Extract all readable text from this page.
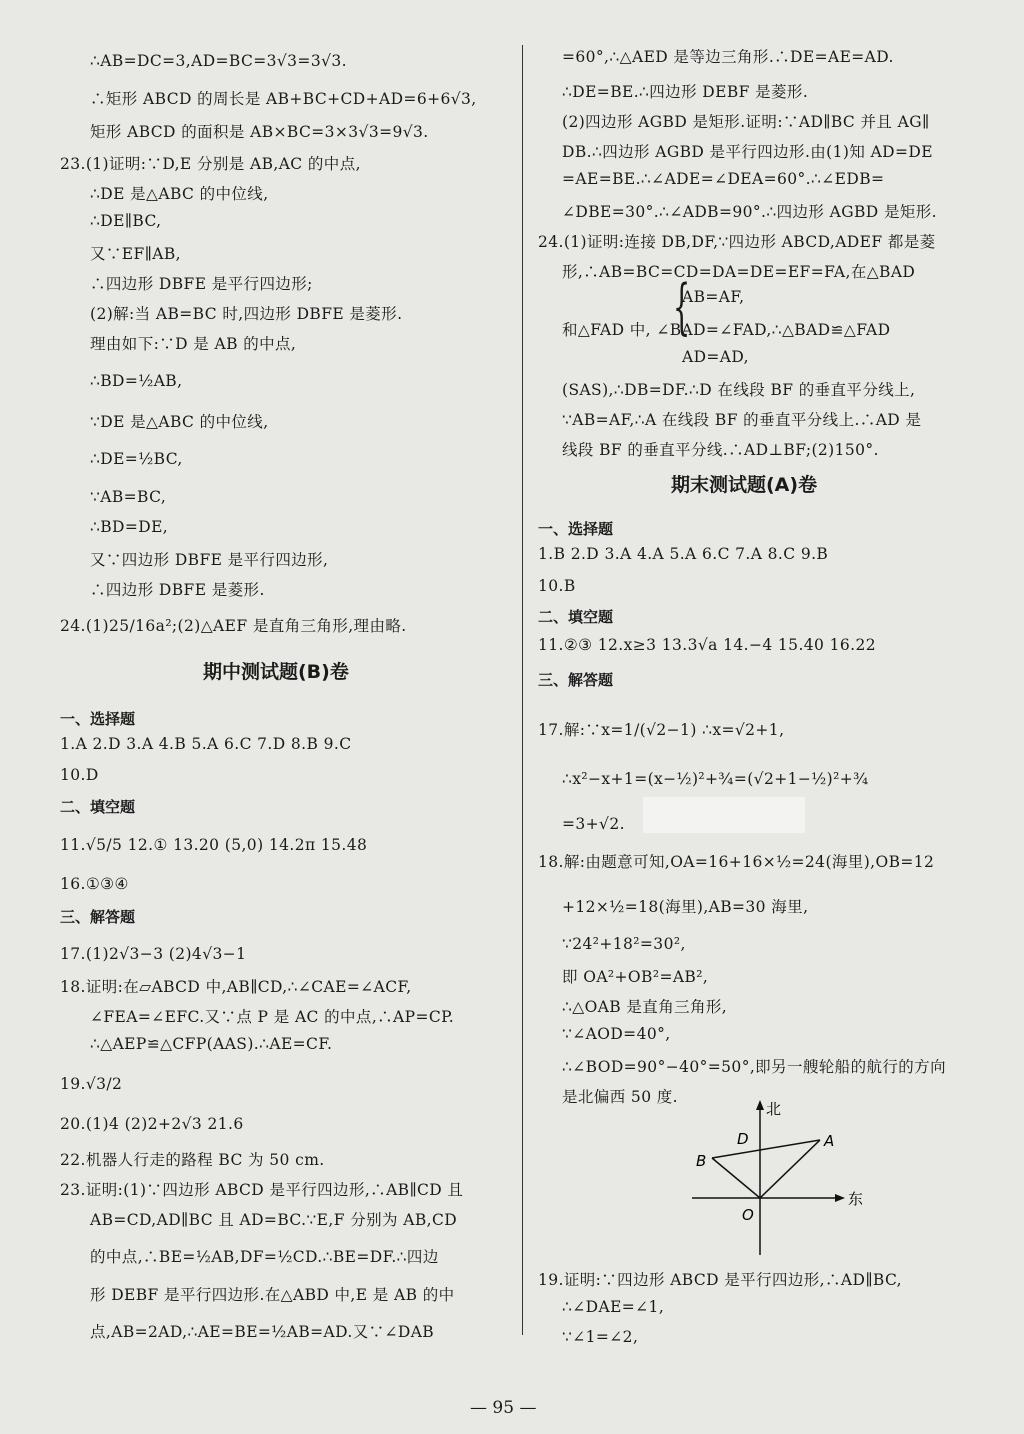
期中测试题(B)卷
一、选择题
1.A 2.D 3.A 4.B 5.A 6.C 7.D 8.B 9.C
10.D
二、填空题
11.√5/5 12.① 13.20 (5,0) 14.2π 15.48
16.①③④
三、解答题
∴AB=DC=3,AD=BC=3√3=3√3.
∴矩形 ABCD 的周长是 AB+BC+CD+AD=6+6√3,
矩形 ABCD 的面积是 AB×BC=3×3√3=9√3.
23.(1)证明:∵D,E 分别是 AB,AC 的中点,
∴DE 是△ABC 的中位线,
∴DE∥BC,
又∵EF∥AB,
∴四边形 DBFE 是平行四边形;
(2)解:当 AB=BC 时,四边形 DBFE 是菱形.
理由如下:∵D 是 AB 的中点,
∴BD=½AB,
∵DE 是△ABC 的中位线,
∴DE=½BC,
∵AB=BC,
∴BD=DE,
又∵四边形 DBFE 是平行四边形,
∴四边形 DBFE 是菱形.
24.(1)25/16a²;(2)△AEF 是直角三角形,理由略.
17.(1)2√3−3 (2)4√3−1
18.证明:在▱ABCD 中,AB∥CD,∴∠CAE=∠ACF,
∠FEA=∠EFC.又∵点 P 是 AC 的中点,∴AP=CP.
∴△AEP≌△CFP(AAS).∴AE=CF.
19.√3/2
20.(1)4 (2)2+2√3 21.6
22.机器人行走的路程 BC 为 50 cm.
23.证明:(1)∵四边形 ABCD 是平行四边形,∴AB∥CD 且
AB=CD,AD∥BC 且 AD=BC.∵E,F 分别为 AB,CD
的中点,∴BE=½AB,DF=½CD.∴BE=DF.∴四边
形 DEBF 是平行四边形.在△ABD 中,E 是 AB 的中
点,AB=2AD,∴AE=BE=½AB=AD.又∵∠DAB
{
期末测试题(A)卷
一、选择题
1.B 2.D 3.A 4.A 5.A 6.C 7.A 8.C 9.B
10.B
二、填空题
11.②③ 12.x≥3 13.3√a 14.−4 15.40 16.22
三、解答题
北
东
A
B
D
O
=60°,∴△AED 是等边三角形.∴DE=AE=AD.
∴DE=BE.∴四边形 DEBF 是菱形.
(2)四边形 AGBD 是矩形.证明:∵AD∥BC 并且 AG∥
DB.∴四边形 AGBD 是平行四边形.由(1)知 AD=DE
=AE=BE.∴∠ADE=∠DEA=60°.∴∠EDB=
∠DBE=30°.∴∠ADB=90°.∴四边形 AGBD 是矩形.
24.(1)证明:连接 DB,DF,∵四边形 ABCD,ADEF 都是菱
形,∴AB=BC=CD=DA=DE=EF=FA,在△BAD
AB=AF,
和△FAD 中, ∠BAD=∠FAD,∴△BAD≌△FAD
AD=AD,
(SAS),∴DB=DF.∴D 在线段 BF 的垂直平分线上,
∵AB=AF,∴A 在线段 BF 的垂直平分线上.∴AD 是
线段 BF 的垂直平分线.∴AD⊥BF;(2)150°.
17.解:∵x=1/(√2−1) ∴x=√2+1,
∴x²−x+1=(x−½)²+¾=(√2+1−½)²+¾
=3+√2.
18.解:由题意可知,OA=16+16×½=24(海里),OB=12
+12×½=18(海里),AB=30 海里,
∵24²+18²=30²,
即 OA²+OB²=AB²,
∴△OAB 是直角三角形,
∵∠AOD=40°,
∴∠BOD=90°−40°=50°,即另一艘轮船的航行的方向
是北偏西 50 度.
19.证明:∵四边形 ABCD 是平行四边形,∴AD∥BC,
∴∠DAE=∠1,
∵∠1=∠2,
— 95 —
